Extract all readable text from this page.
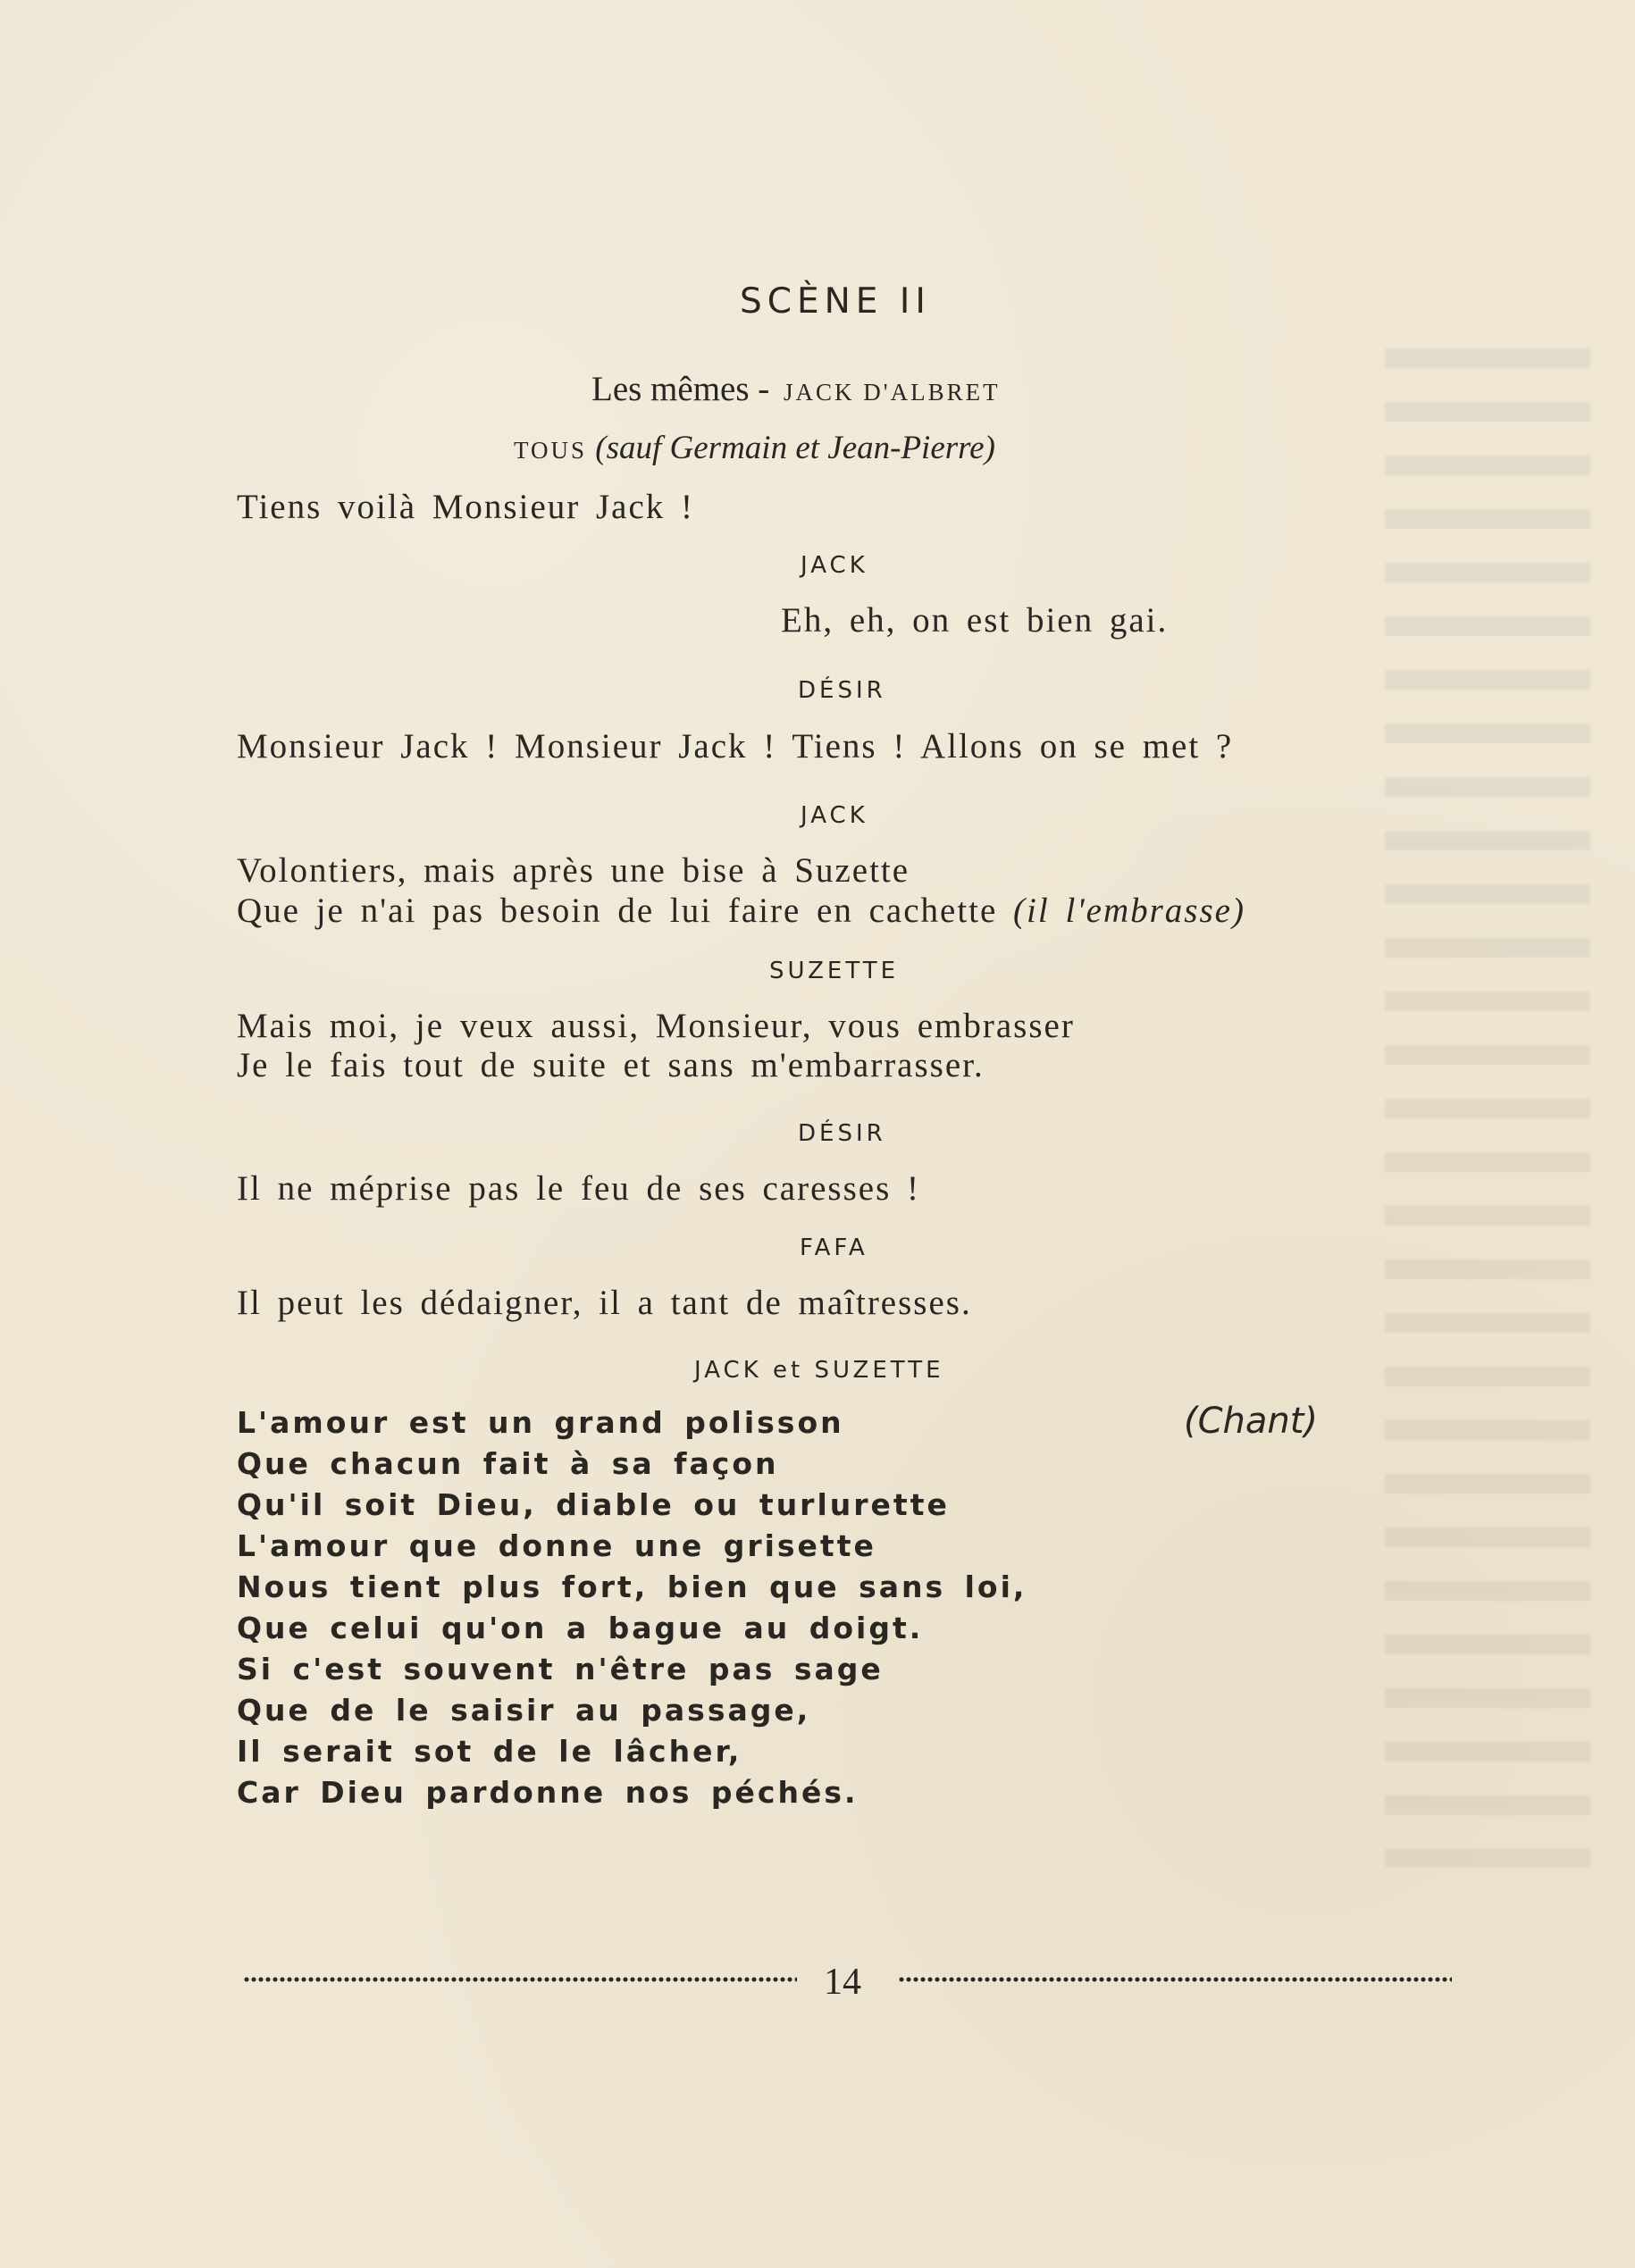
SCÈNE II
Les mêmes - JACK D'ALBRET
TOUS (sauf Germain et Jean-Pierre)
Tiens voilà Monsieur Jack !
JACK
Eh, eh, on est bien gai.
DÉSIR
Monsieur Jack ! Monsieur Jack ! Tiens ! Allons on se met ?
JACK
Volontiers, mais après une bise à Suzette
Que je n'ai pas besoin de lui faire en cachette (il l'embrasse)
SUZETTE
Mais moi, je veux aussi, Monsieur, vous embrasser
Je le fais tout de suite et sans m'embarrasser.
DÉSIR
Il ne méprise pas le feu de ses caresses !
FAFA
Il peut les dédaigner, il a tant de maîtresses.
JACK et SUZETTE
(Chant)
L'amour est un grand polisson
Que chacun fait à sa façon
Qu'il soit Dieu, diable ou turlurette
L'amour que donne une grisette
Nous tient plus fort, bien que sans loi,
Que celui qu'on a bague au doigt.
Si c'est souvent n'être pas sage
Que de le saisir au passage,
Il serait sot de le lâcher,
Car Dieu pardonne nos péchés.
14
